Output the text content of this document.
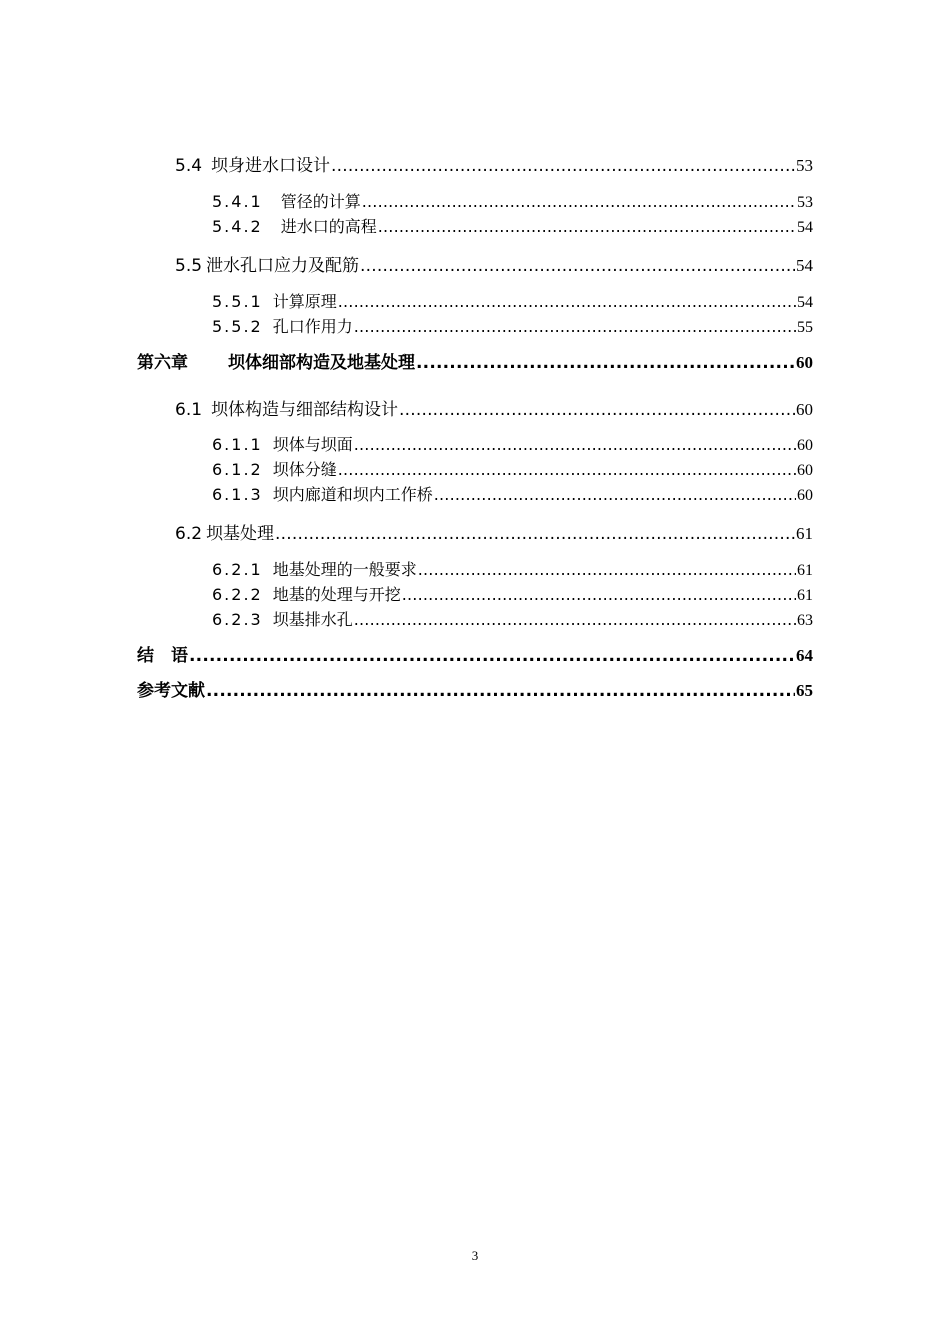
5.4 坝身进水口设计 .....	53
5.4.1 管径的计算 .....	53
5.4.2 进水口的高程 .....	54
5.5 泄水孔口应力及配筋 .....	54
5.5.1 计算原理 .....	54
5.5.2 孔口作用力 .....	55
第六章 坝体细部构造及地基处理 .....	60
6.1 坝体构造与细部结构设计 .....	60
6.1.1 坝体与坝面 .....	60
6.1.2 坝体分缝 .....	60
6.1.3 坝内廊道和坝内工作桥 .....	60
6.2 坝基处理 .....	61
6.2.1 地基处理的一般要求 .....	61
6.2.2 地基的处理与开挖 .....	61
6.2.3 坝基排水孔 .....	63
结　语 .....	64
参考文献 .....	65
3
